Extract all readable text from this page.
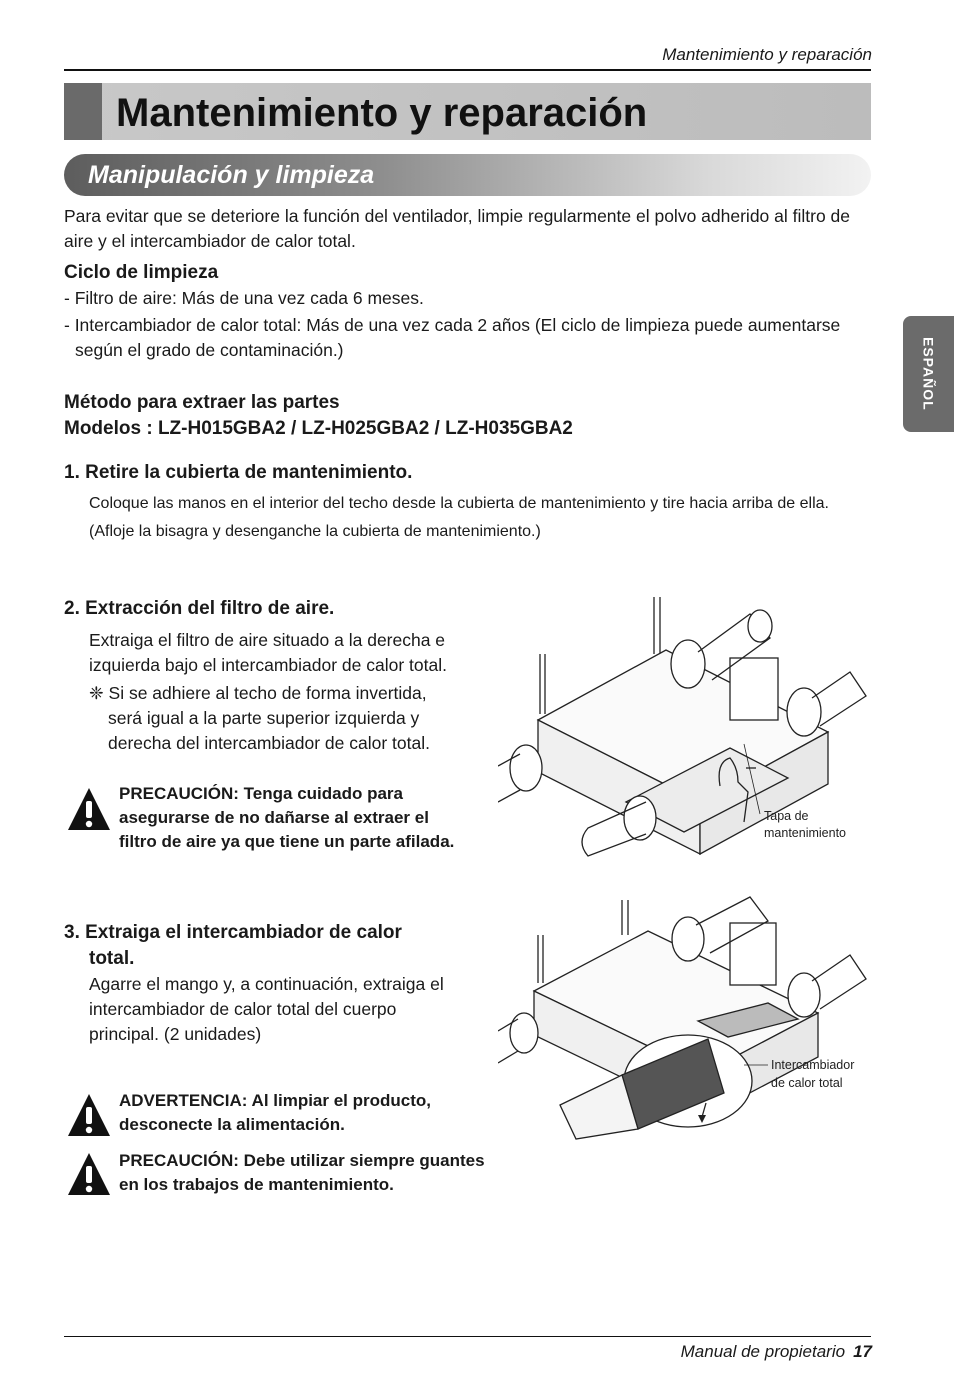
Mantenimiento y reparación
Mantenimiento y reparación
Manipulación y limpieza
Para evitar que se deteriore la función del ventilador, limpie regularmente el polvo adherido al filtro de aire y el intercambiador de calor total.
Ciclo de limpieza
- Filtro de aire: Más de una vez cada 6 meses.
- Intercambiador de calor total: Más de una vez cada 2 años (El ciclo de limpieza puede aumentarse
según el grado de contaminación.)
Método para extraer las partes
Modelos : LZ-H015GBA2 / LZ-H025GBA2 / LZ-H035GBA2
1. Retire la cubierta de mantenimiento.
Coloque las manos en el interior del techo desde la cubierta de mantenimiento y tire hacia arriba de ella.
(Afloje la bisagra y desenganche la cubierta de mantenimiento.)
2. Extracción del filtro de aire.
Extraiga el filtro de aire situado a la derecha e
izquierda bajo el intercambiador de calor total.
❈ Si se adhiere al techo de forma invertida,
será igual a la parte superior izquierda y
derecha del intercambiador de calor total.
PRECAUCIÓN: Tenga cuidado para
asegurarse de no dañarse al extraer el
filtro de aire ya que tiene un parte afilada.
Tapa de
mantenimiento
3. Extraiga el intercambiador de calor
total.
Agarre el mango y, a continuación, extraiga el
intercambiador de calor total del cuerpo
principal. (2 unidades)
ADVERTENCIA: Al limpiar el producto,
desconecte la alimentación.
PRECAUCIÓN: Debe utilizar siempre guantes
en los trabajos de mantenimiento.
Intercambiador
de calor total
ESPAÑOL
Manual de propietario 17
